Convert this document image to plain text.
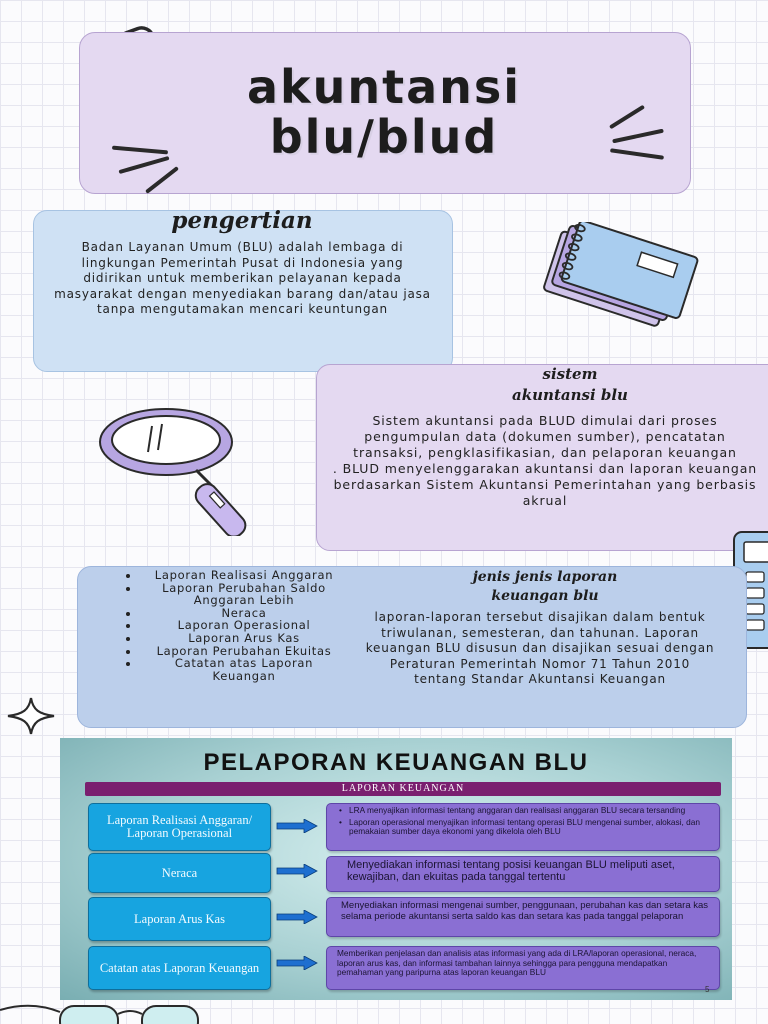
akuntansi
blu/blud
pengertian
Badan Layanan Umum (BLU) adalah lembaga di lingkungan Pemerintah Pusat di Indonesia yang didirikan untuk memberikan pelayanan kepada masyarakat dengan menyediakan barang dan/atau jasa tanpa mengutamakan mencari keuntungan
sistem
akuntansi blu
Sistem akuntansi pada BLUD dimulai dari proses pengumpulan data (dokumen sumber), pencatatan transaksi, pengklasifikasian, dan pelaporan keuangan
. BLUD menyelenggarakan akuntansi dan laporan keuangan berdasarkan Sistem Akuntansi Pemerintahan yang berbasis akrual
Laporan Realisasi Anggaran
Laporan Perubahan Saldo Anggaran Lebih
Neraca
Laporan Operasional
Laporan Arus Kas
Laporan Perubahan Ekuitas
Catatan atas Laporan Keuangan
jenis jenis laporan
keuangan blu
laporan-laporan tersebut disajikan dalam bentuk triwulanan, semesteran, dan tahunan. Laporan keuangan BLU disusun dan disajikan sesuai dengan Peraturan Pemerintah Nomor 71 Tahun 2010 tentang Standar Akuntansi Keuangan
PELAPORAN KEUANGAN BLU
LAPORAN KEUANGAN
Laporan Realisasi Anggaran/ Laporan Operasional
• LRA menyajikan informasi tentang anggaran dan realisasi anggaran BLU secara tersanding
• Laporan operasional menyajikan informasi tentang operasi BLU mengenai sumber, alokasi, dan pemakaian sumber daya ekonomi yang dikelola oleh BLU
Neraca
Menyediakan informasi tentang posisi keuangan BLU meliputi aset, kewajiban, dan ekuitas pada tanggal tertentu
Laporan Arus Kas
Menyediakan informasi mengenai sumber, penggunaan, perubahan kas dan setara kas selama periode akuntansi serta saldo kas dan setara kas pada tanggal pelaporan
Catatan atas Laporan Keuangan
Memberikan penjelasan dan analisis atas informasi yang ada di LRA/laporan operasional, neraca, laporan arus kas, dan informasi tambahan lainnya sehingga para pengguna mendapatkan pemahaman yang paripurna atas laporan keuangan BLU
5
